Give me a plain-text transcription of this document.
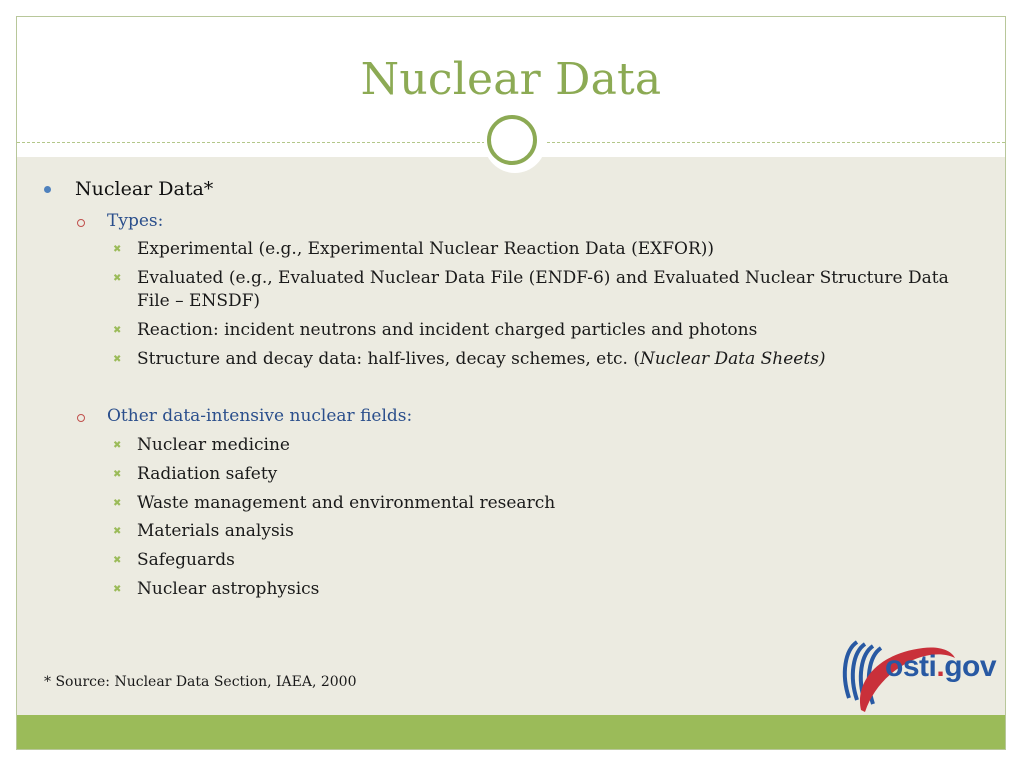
Nuclear Data
Nuclear Data*
Types:
✖ Experimental (e.g., Experimental Nuclear Reaction Data (EXFOR))
✖ Evaluated (e.g., Evaluated Nuclear Data File (ENDF-6) and Evaluated Nuclear Structure Data
File – ENSDF)
✖ Reaction: incident neutrons and incident charged particles and photons
✖ Structure and decay data: half-lives, decay schemes, etc. (Nuclear Data Sheets)
Other data-intensive nuclear fields:
✖ Nuclear medicine
✖ Radiation safety
✖ Waste management and environmental research
✖ Materials analysis
✖ Safeguards
✖ Nuclear astrophysics
* Source: Nuclear Data Section, IAEA, 2000	osti.gov
